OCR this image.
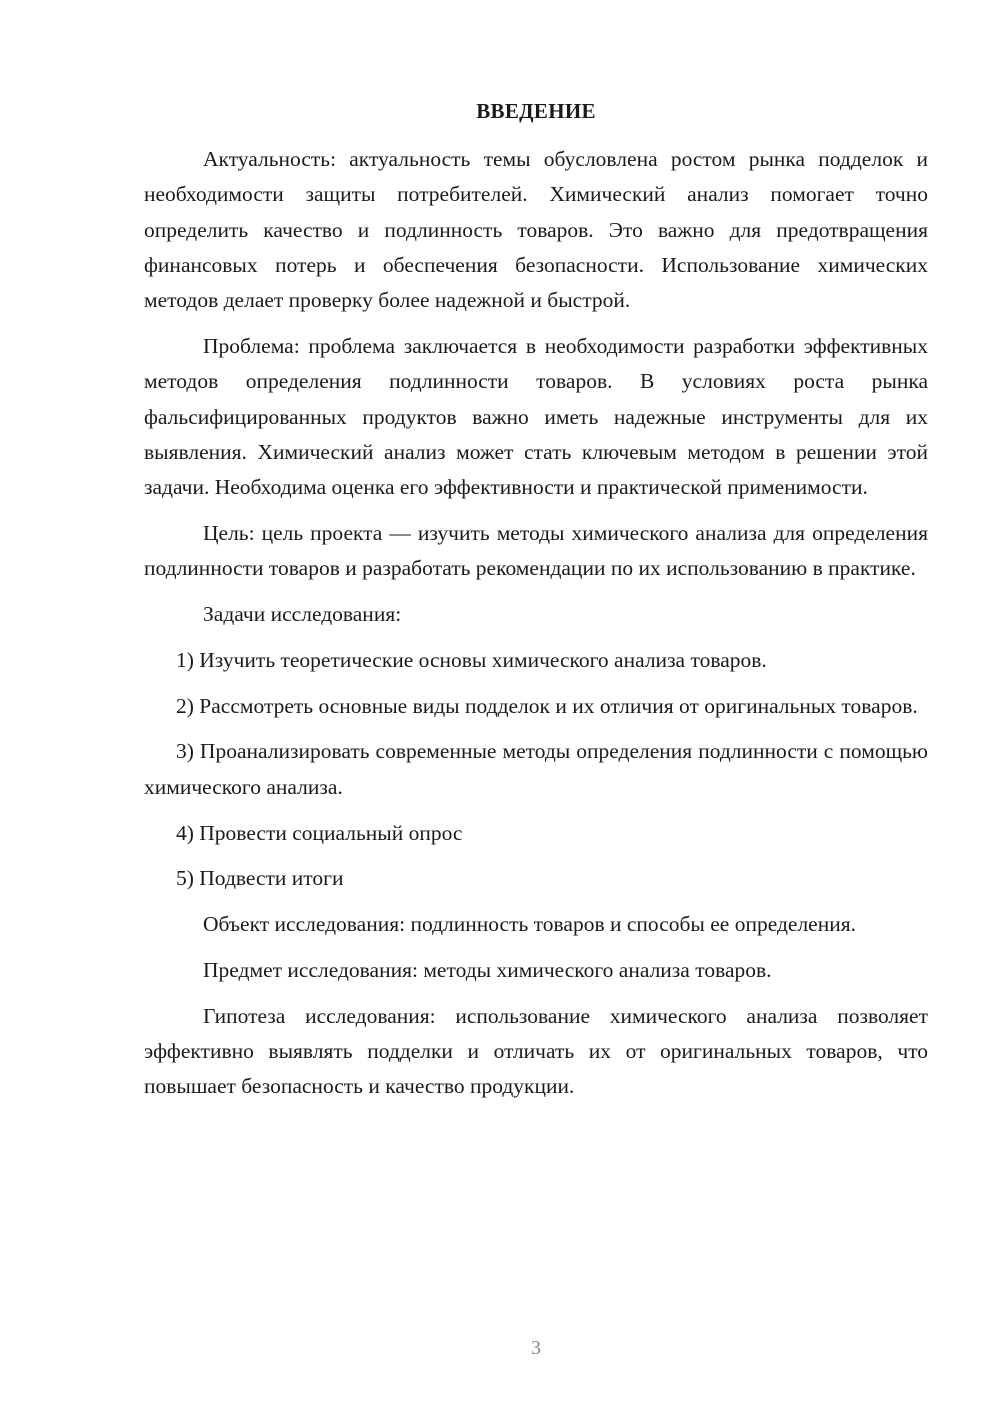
ВВЕДЕНИЕ

Актуальность: актуальность темы обусловлена ростом рынка подделок и необходимости защиты потребителей. Химический анализ помогает точно определить качество и подлинность товаров. Это важно для предотвращения финансовых потерь и обеспечения безопасности. Использование химических методов делает проверку более надежной и быстрой.

Проблема: проблема заключается в необходимости разработки эффективных методов определения подлинности товаров. В условиях роста рынка фальсифицированных продуктов важно иметь надежные инструменты для их выявления. Химический анализ может стать ключевым методом в решении этой задачи. Необходима оценка его эффективности и практической применимости.

Цель: цель проекта — изучить методы химического анализа для определения подлинности товаров и разработать рекомендации по их использованию в практике.

Задачи исследования:

1) Изучить теоретические основы химического анализа товаров.

2) Рассмотреть основные виды подделок и их отличия от оригинальных товаров.

3) Проанализировать современные методы определения подлинности с помощью химического анализа.

4) Провести социальный опрос

5) Подвести итоги

Объект исследования: подлинность товаров и способы ее определения.

Предмет исследования: методы химического анализа товаров.

Гипотеза исследования: использование химического анализа позволяет эффективно выявлять подделки и отличать их от оригинальных товаров, что повышает безопасность и качество продукции.

3
